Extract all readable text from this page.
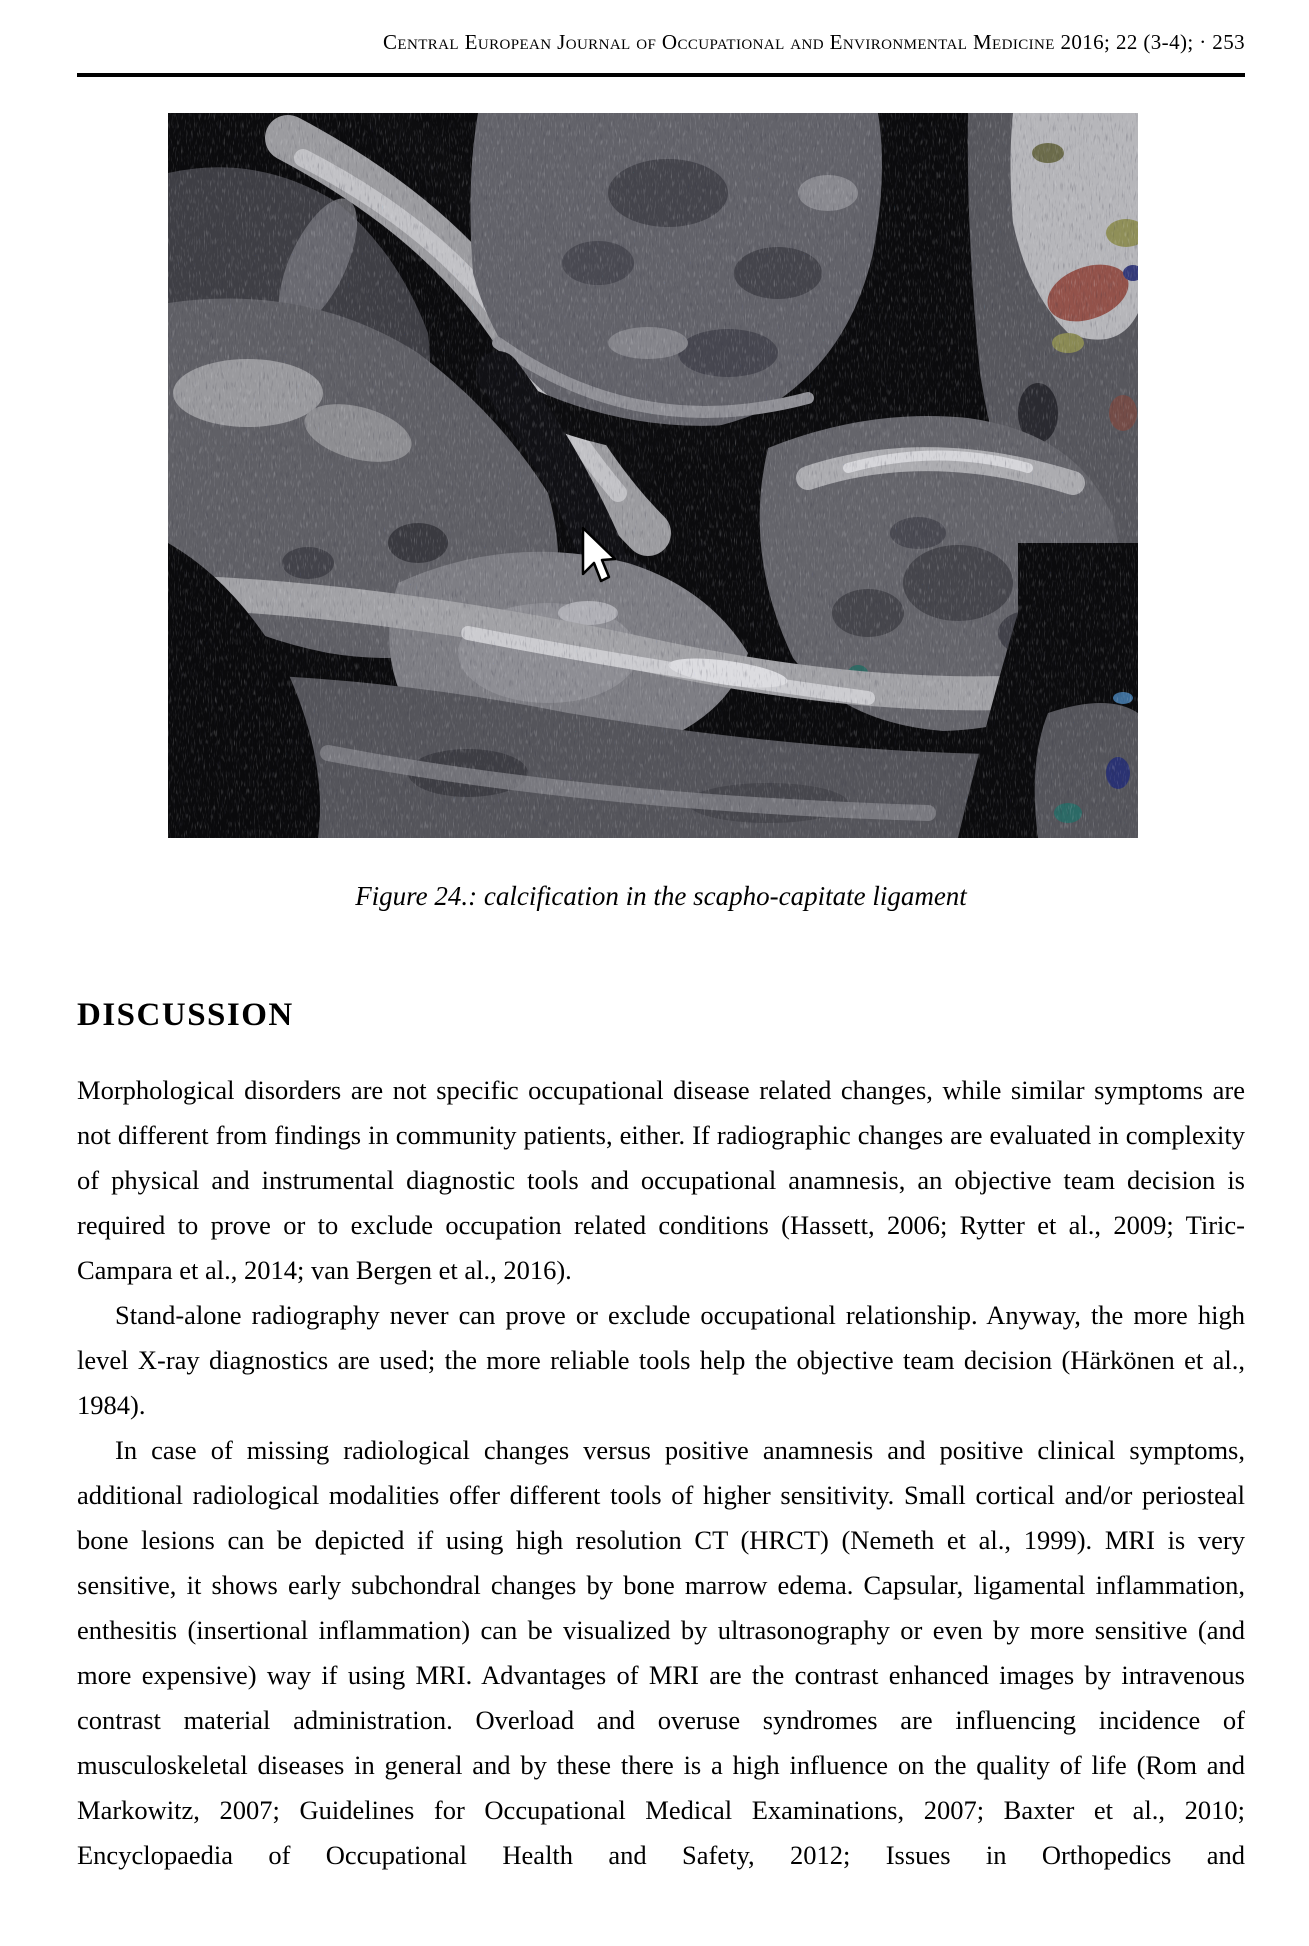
Central European Journal of Occupational and Environmental Medicine 2016; 22 (3-4); · 253
Figure 24.: calcification in the scapho-capitate ligament
DISCUSSION

Morphological disorders are not specific occupational disease related changes, while similar symptoms are not different from findings in community patients, either. If radiographic changes are evaluated in complexity of physical and instrumental diagnostic tools and occupational anamnesis, an objective team decision is required to prove or to exclude occupation related conditions (Hassett, 2006; Rytter et al., 2009; Tiric-Campara et al., 2014; van Bergen et al., 2016).

Stand-alone radiography never can prove or exclude occupational relationship. Anyway, the more high level X-ray diagnostics are used; the more reliable tools help the objective team decision (Härkönen et al., 1984).

In case of missing radiological changes versus positive anamnesis and positive clinical symptoms, additional radiological modalities offer different tools of higher sensitivity. Small cortical and/or periosteal bone lesions can be depicted if using high resolution CT (HRCT) (Nemeth et al., 1999). MRI is very sensitive, it shows early subchondral changes by bone marrow edema. Capsular, ligamental inflammation, enthesitis (insertional inflammation) can be visualized by ultrasonography or even by more sensitive (and more expensive) way if using MRI. Advantages of MRI are the contrast enhanced images by intravenous contrast material administration. Overload and overuse syndromes are influencing incidence of musculoskeletal diseases in general and by these there is a high influence on the quality of life (Rom and Markowitz, 2007; Guidelines for Occupational Medical Examinations, 2007; Baxter et al., 2010; Encyclopaedia of Occupational Health and Safety, 2012; Issues in Orthopedics and
